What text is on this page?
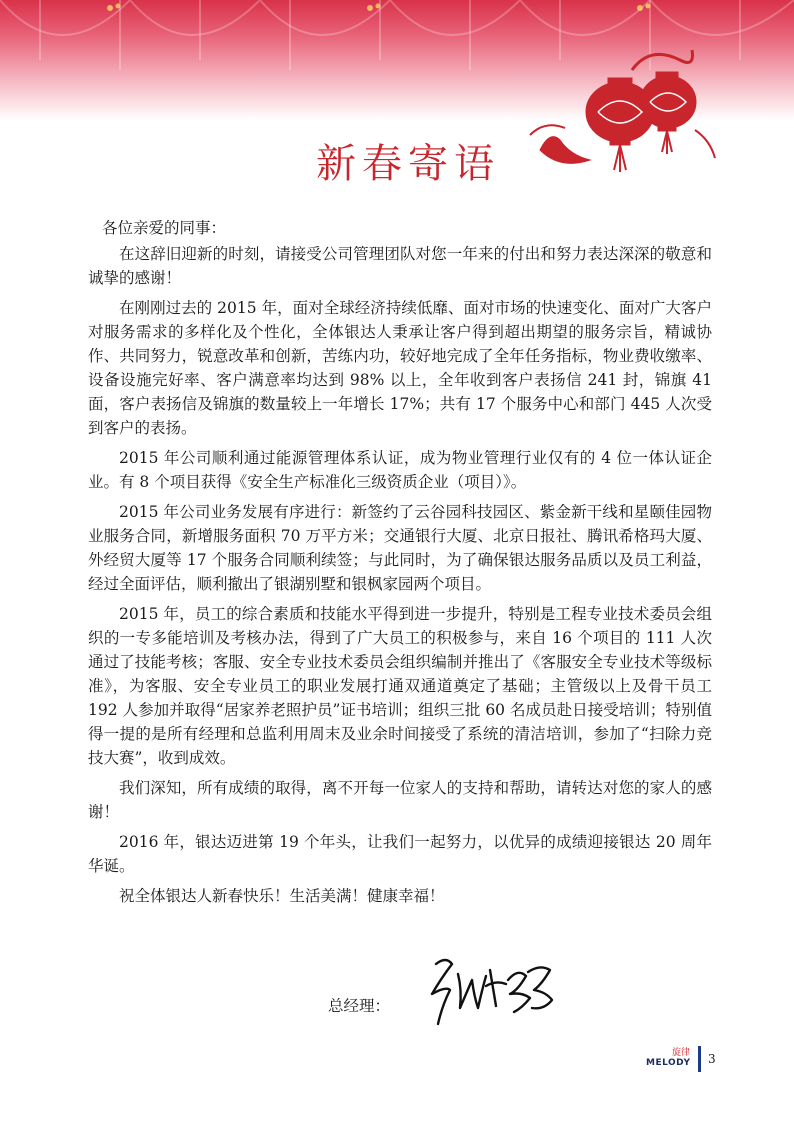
新春寄语

各位亲爱的同事：

在这辞旧迎新的时刻，请接受公司管理团队对您一年来的付出和努力表达深深的敬意和诚挚的感谢！

在刚刚过去的 2015 年，面对全球经济持续低靡、面对市场的快速变化、面对广大客户对服务需求的多样化及个性化，全体银达人秉承让客户得到超出期望的服务宗旨，精诚协作、共同努力，锐意改革和创新，苦练内功，较好地完成了全年任务指标，物业费收缴率、设备设施完好率、客户满意率均达到 98% 以上，全年收到客户表扬信 241 封，锦旗 41 面，客户表扬信及锦旗的数量较上一年增长 17%；共有 17 个服务中心和部门 445 人次受到客户的表扬。

2015 年公司顺利通过能源管理体系认证，成为物业管理行业仅有的 4 位一体认证企业。有 8 个项目获得《安全生产标准化三级资质企业（项目）》。

2015 年公司业务发展有序进行：新签约了云谷园科技园区、紫金新干线和星颐佳园物业服务合同，新增服务面积 70 万平方米；交通银行大厦、北京日报社、腾讯希格玛大厦、外经贸大厦等 17 个服务合同顺利续签；与此同时，为了确保银达服务品质以及员工利益，经过全面评估，顺利撤出了银湖别墅和银枫家园两个项目。

2015 年，员工的综合素质和技能水平得到进一步提升，特别是工程专业技术委员会组织的一专多能培训及考核办法，得到了广大员工的积极参与，来自 16 个项目的 111 人次通过了技能考核；客服、安全专业技术委员会组织编制并推出了《客服安全专业技术等级标准》，为客服、安全专业员工的职业发展打通双通道奠定了基础；主管级以上及骨干员工 192 人参加并取得“居家养老照护员”证书培训；组织三批 60 名成员赴日接受培训；特别值得一提的是所有经理和总监利用周末及业余时间接受了系统的清洁培训，参加了“扫除力竞技大赛”，收到成效。

我们深知，所有成绩的取得，离不开每一位家人的支持和帮助，请转达对您的家人的感谢！

2016 年，银达迈进第 19 个年头，让我们一起努力，以优异的成绩迎接银达 20 周年华诞。

祝全体银达人新春快乐！生活美满！健康幸福！

总经理：
旋律
MELODY 3
